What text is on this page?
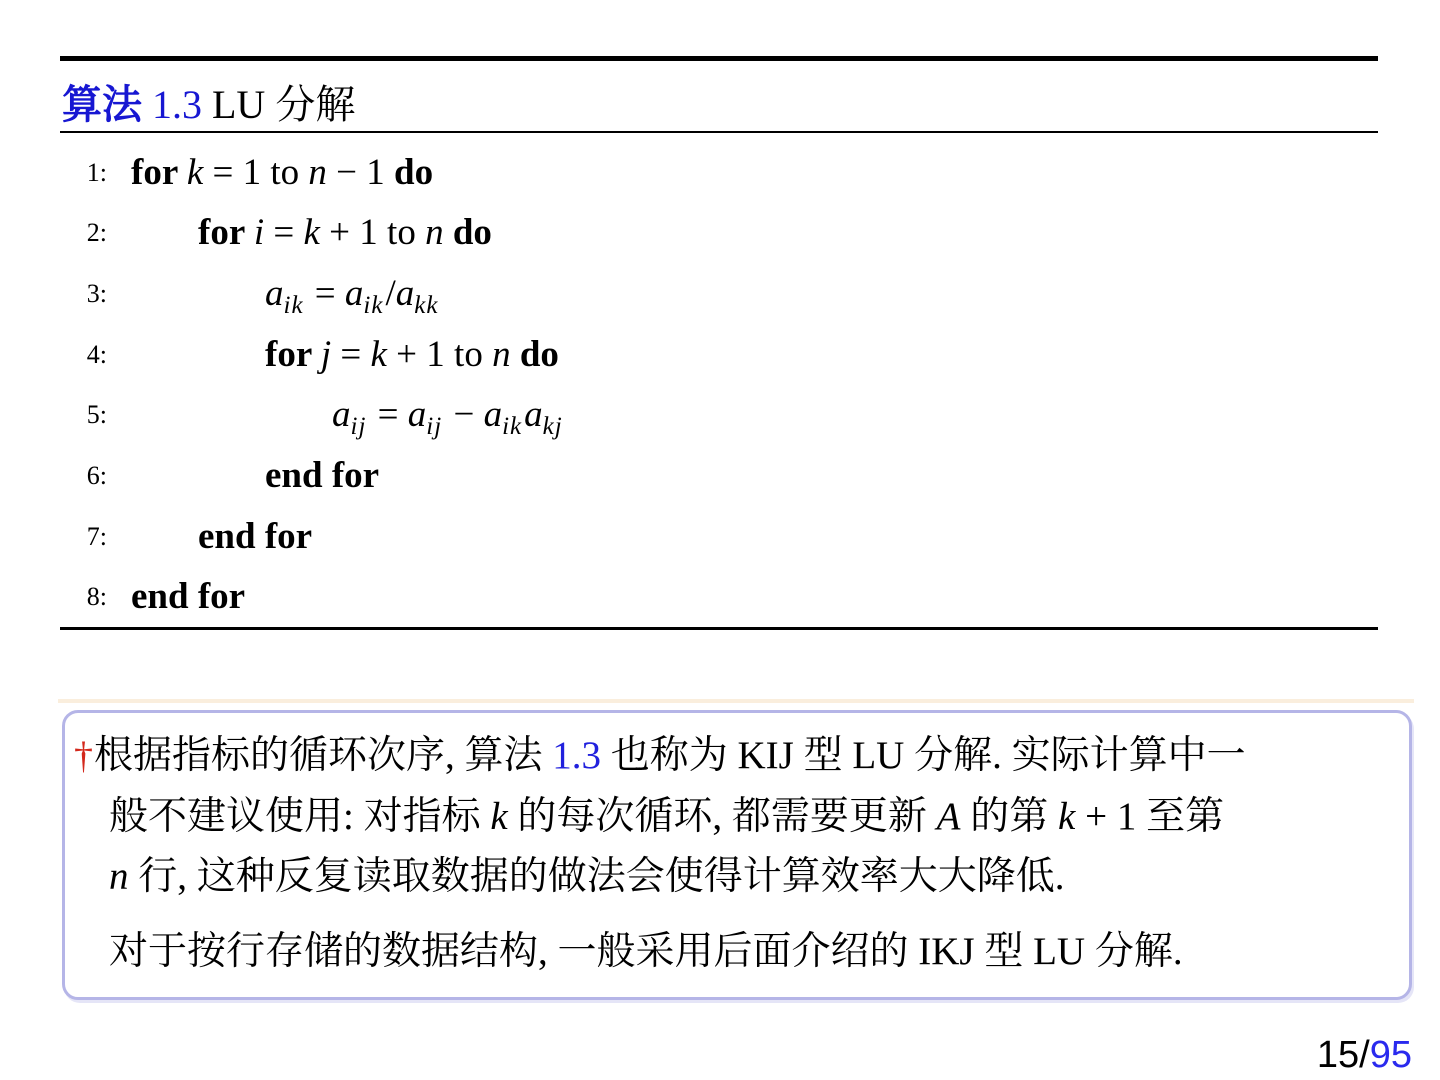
算法 1.3 LU 分解
1: for k = 1 to n − 1 do
2: for i = k + 1 to n do
3:	$a_{ik} = a_{ik}/a_{kk}$
4:	for j = k + 1 to n do
5:	$a_{ij} = a_{ij} - a_{ik}a_{kj}$
6:	end for
7: end for
8: end for
† 根据指标的循环次序, 算法 1.3 也称为 KIJ 型 LU 分解. 实际计算中一
般不建议使用: 对指标 k 的每次循环, 都需要更新 A 的第 k + 1 至第
n 行, 这种反复读取数据的做法会使得计算效率大大降低.
对于按行存储的数据结构, 一般采用后面介绍的 IKJ 型 LU 分解.
15/95
